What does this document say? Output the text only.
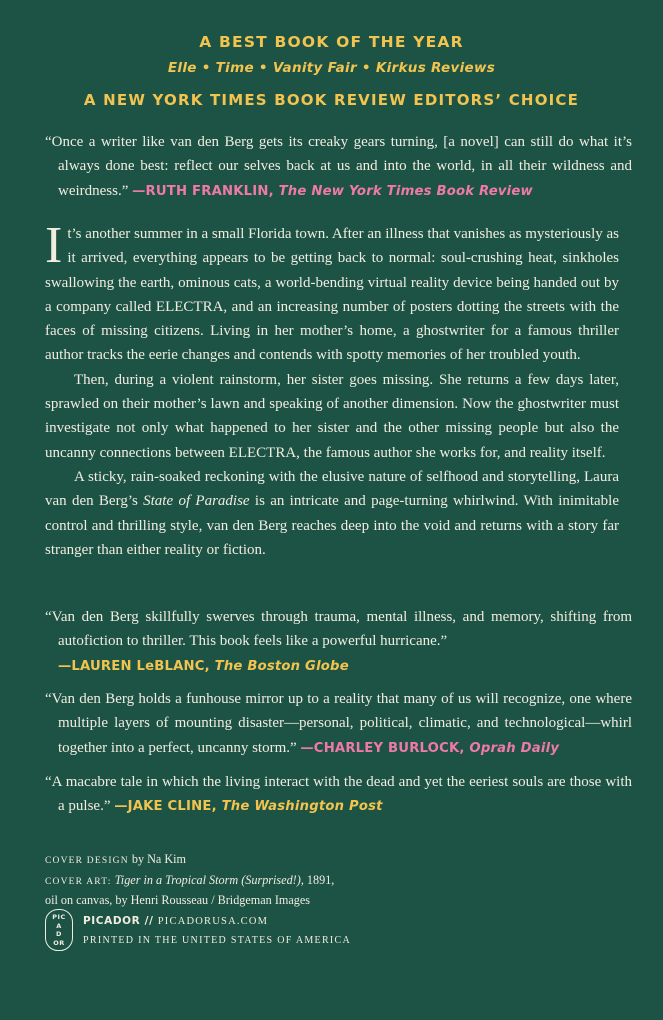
A BEST BOOK OF THE YEAR
Elle • Time • Vanity Fair • Kirkus Reviews
A NEW YORK TIMES BOOK REVIEW EDITORS’ CHOICE
“Once a writer like van den Berg gets its creaky gears turning, [a novel] can still do what it’s always done best: reflect our selves back at us and into the world, in all their wildness and weirdness.” —RUTH FRANKLIN, The New York Times Book Review

It’s another summer in a small Florida town. After an illness that vanishes as mysteriously as it arrived, everything appears to be getting back to normal: soul-crushing heat, sinkholes swallowing the earth, ominous cats, a world-bending virtual reality device being handed out by a company called ELECTRA, and an increasing number of posters dotting the streets with the faces of missing citizens. Living in her mother’s home, a ghostwriter for a famous thriller author tracks the eerie changes and contends with spotty memories of her troubled youth.

Then, during a violent rainstorm, her sister goes missing. She returns a few days later, sprawled on their mother’s lawn and speaking of another dimension. Now the ghostwriter must investigate not only what happened to her sister and the other missing people but also the uncanny connections between ELECTRA, the famous author she works for, and reality itself.

A sticky, rain-soaked reckoning with the elusive nature of selfhood and storytelling, Laura van den Berg’s State of Paradise is an intricate and page-turning whirlwind. With inimitable control and thrilling style, van den Berg reaches deep into the void and returns with a story far stranger than either reality or fiction.

“Van den Berg skillfully swerves through trauma, mental illness, and memory, shifting from autofiction to thriller. This book feels like a powerful hurricane.”
—LAUREN LeBLANC, The Boston Globe
“Van den Berg holds a funhouse mirror up to a reality that many of us will recognize, one where multiple layers of mounting disaster—personal, political, climatic, and technological—whirl together into a perfect, uncanny storm.” —CHARLEY BURLOCK, Oprah Daily
“A macabre tale in which the living interact with the dead and yet the eeriest souls are those with a pulse.” —JAKE CLINE, The Washington Post
COVER DESIGN by Na Kim
COVER ART: Tiger in a Tropical Storm (Surprised!), 1891,
oil on canvas, by Henri Rousseau / Bridgeman Images
PIC
A
D
OR
PICADOR // PICADORUSA.COM
PRINTED IN THE UNITED STATES OF AMERICA
